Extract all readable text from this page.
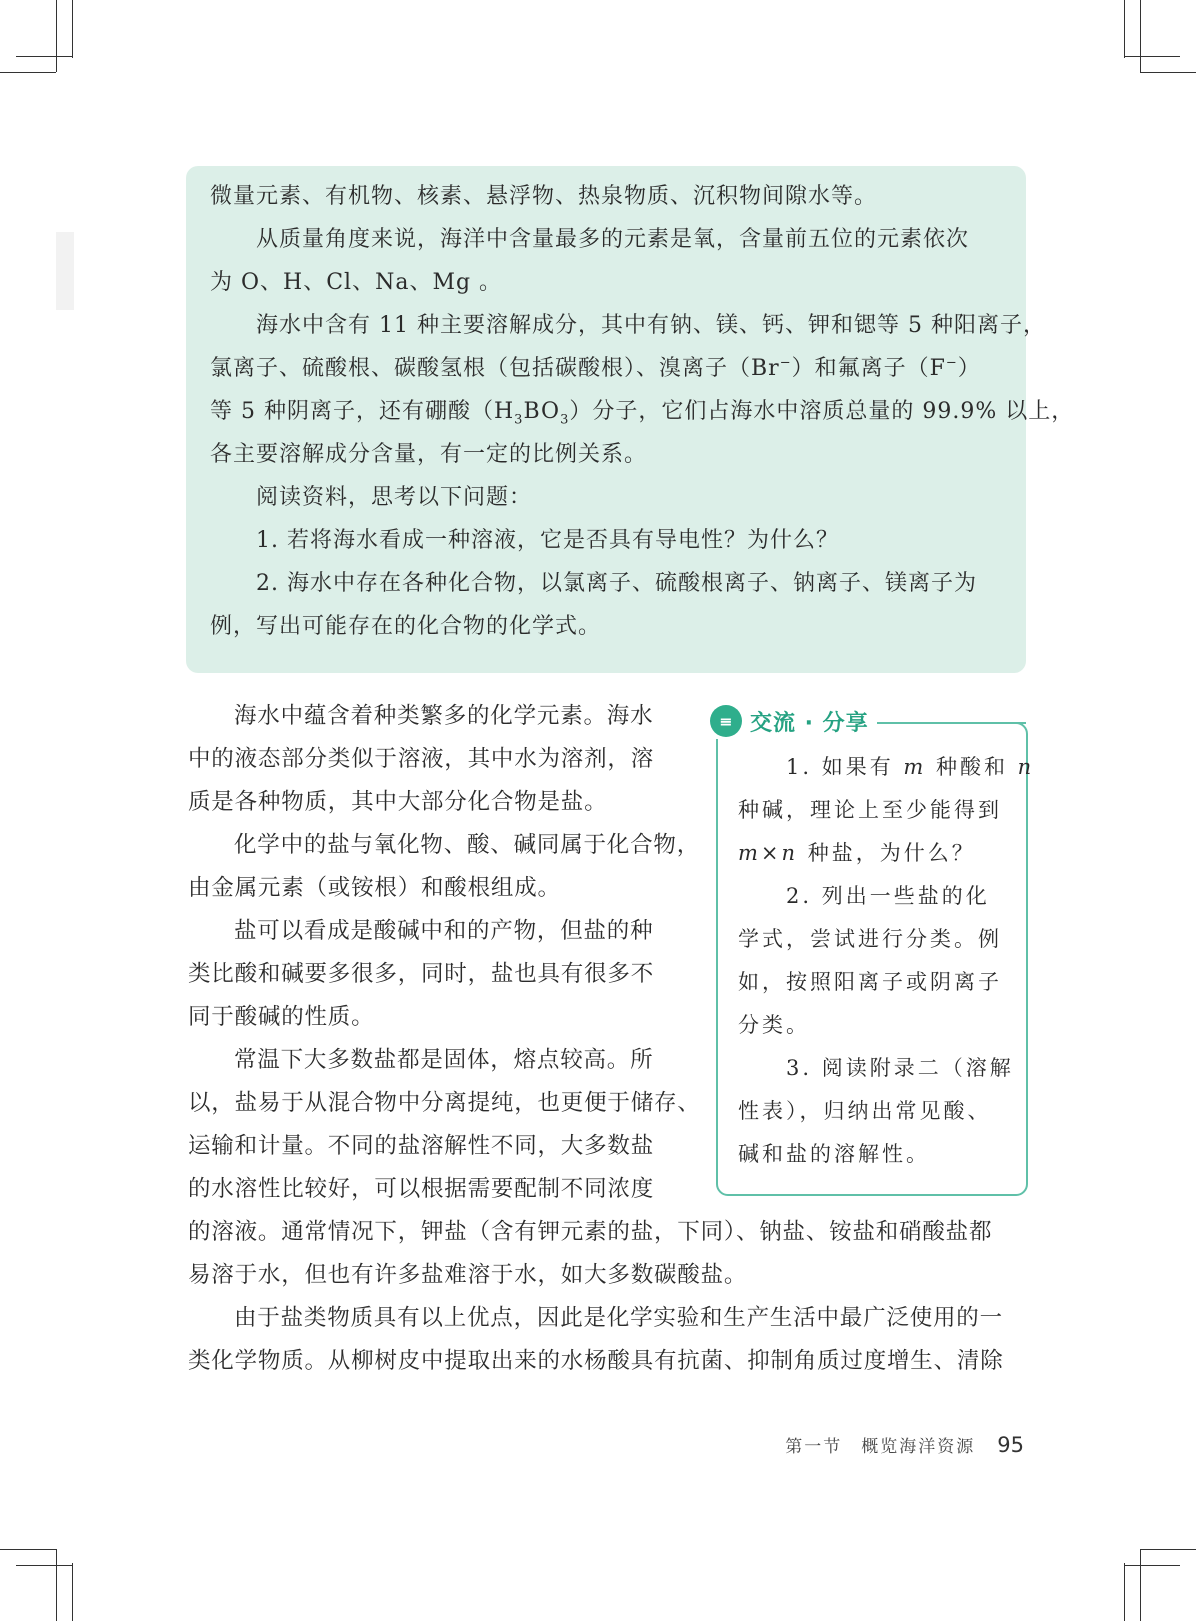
微量元素、有机物、核素、悬浮物、热泉物质、沉积物间隙水等。
从质量角度来说，海洋中含量最多的元素是氧，含量前五位的元素依次
为 O、H、Cl、Na、Mg 。
海水中含有 11 种主要溶解成分，其中有钠、镁、钙、钾和锶等 5 种阳离子，
氯离子、硫酸根、碳酸氢根（包括碳酸根）、溴离子（Br−）和氟离子（F−）
等 5 种阴离子，还有硼酸$(H_3BO_3)$分子，它们占海水中溶质总量的 99.9% 以上，
各主要溶解成分含量，有一定的比例关系。
阅读资料，思考以下问题：
1. 若将海水看成一种溶液，它是否具有导电性？为什么？
2. 海水中存在各种化合物，以氯离子、硫酸根离子、钠离子、镁离子为
例，写出可能存在的化合物的化学式。
海水中蕴含着种类繁多的化学元素。海水
中的液态部分类似于溶液，其中水为溶剂，溶
质是各种物质，其中大部分化合物是盐。
化学中的盐与氧化物、酸、碱同属于化合物，
由金属元素（或铵根）和酸根组成。
盐可以看成是酸碱中和的产物，但盐的种
类比酸和碱要多很多，同时，盐也具有很多不
同于酸碱的性质。
常温下大多数盐都是固体，熔点较高。所
以，盐易于从混合物中分离提纯，也更便于储存、
运输和计量。不同的盐溶解性不同，大多数盐
的水溶性比较好，可以根据需要配制不同浓度
的溶液。通常情况下，钾盐（含有钾元素的盐，下同）、钠盐、铵盐和硝酸盐都
易溶于水，但也有许多盐难溶于水，如大多数碳酸盐。
由于盐类物质具有以上优点，因此是化学实验和生产生活中最广泛使用的一
类化学物质。从柳树皮中提取出来的水杨酸具有抗菌、抑制角质过度增生、清除
≡ 交流 · 分享
1. 如果有 m 种酸和 n
种碱，理论上至少能得到
m×n 种盐，为什么？
2. 列出一些盐的化
学式，尝试进行分类。例
如，按照阳离子或阴离子
分类。
3. 阅读附录二（溶解
性表），归纳出常见酸、
碱和盐的溶解性。
第一节　概览海洋资源 95
